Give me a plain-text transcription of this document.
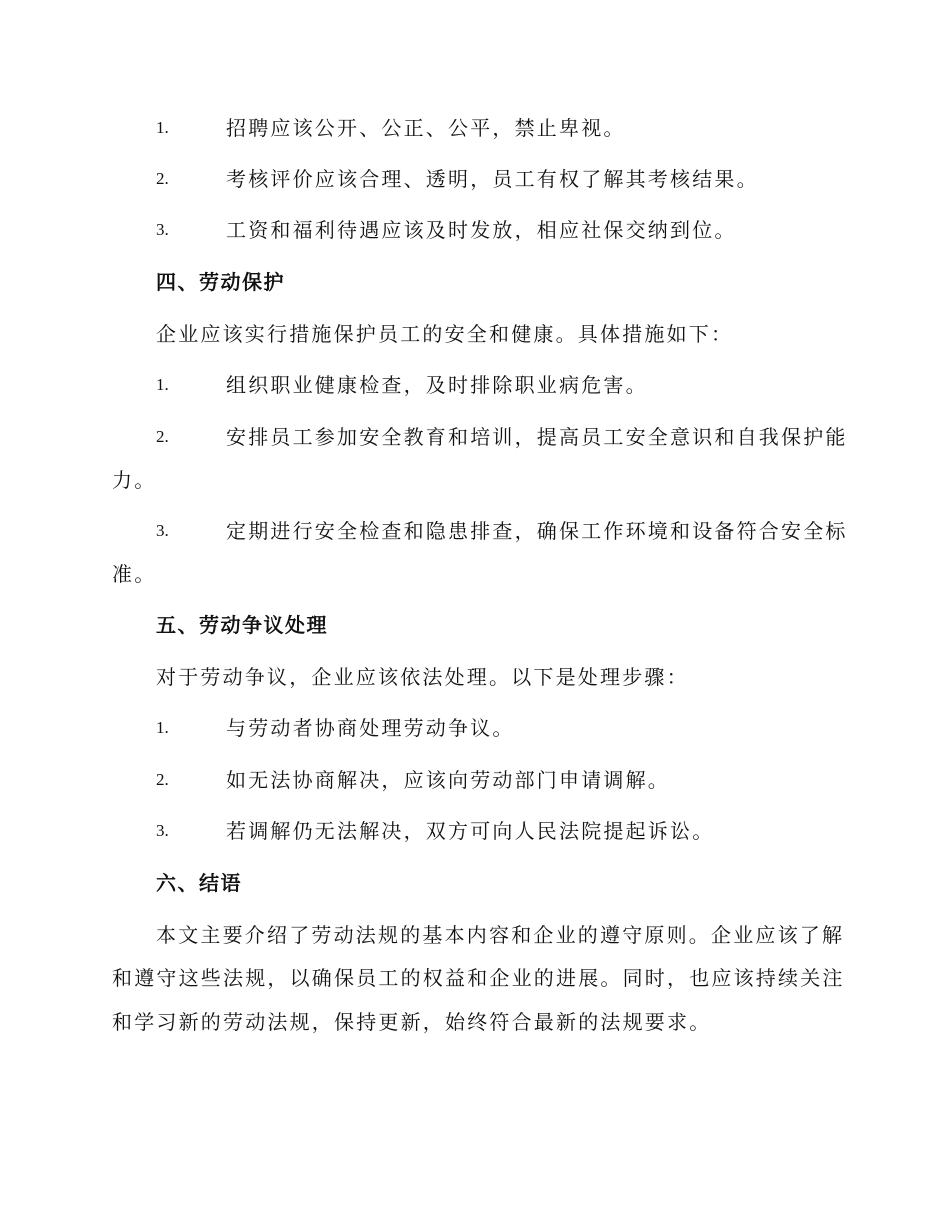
1.	招聘应该公开、公正、公平，禁止卑视。
2.	考核评价应该合理、透明，员工有权了解其考核结果。
3.	工资和福利待遇应该及时发放，相应社保交纳到位。
四、劳动保护
企业应该实行措施保护员工的安全和健康。具体措施如下：
1.	组织职业健康检查，及时排除职业病危害。
2.	安排员工参加安全教育和培训，提高员工安全意识和自我保护能
力。
3.	定期进行安全检查和隐患排查，确保工作环境和设备符合安全标
准。
五、劳动争议处理
对于劳动争议，企业应该依法处理。以下是处理步骤：
1.	与劳动者协商处理劳动争议。
2.	如无法协商解决，应该向劳动部门申请调解。
3.	若调解仍无法解决，双方可向人民法院提起诉讼。
六、结语
本文主要介绍了劳动法规的基本内容和企业的遵守原则。企业应该了解
和遵守这些法规，以确保员工的权益和企业的进展。同时，也应该持续关注
和学习新的劳动法规，保持更新，始终符合最新的法规要求。
